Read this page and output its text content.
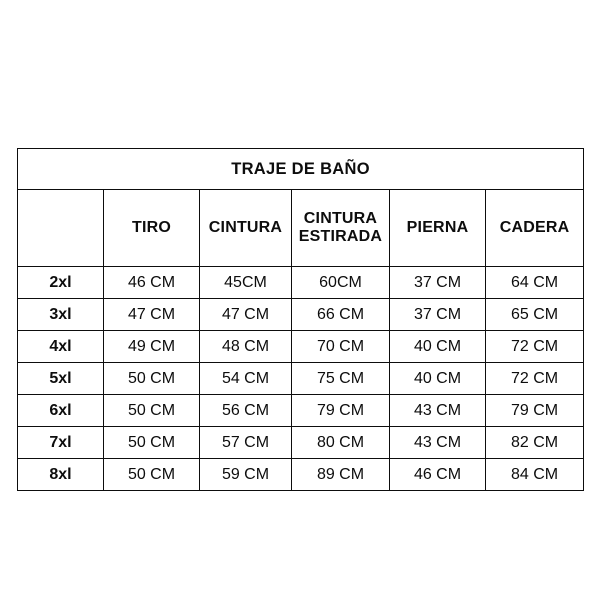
TRAJE DE BAÑO					
	TIRO	CINTURA	CINTURA ESTIRADA	PIERNA	CADERA
2xl	46 CM	45CM	60CM	37 CM	64 CM
3xl	47 CM	47 CM	66 CM	37 CM	65 CM
4xl	49 CM	48 CM	70 CM	40 CM	72 CM
5xl	50 CM	54 CM	75 CM	40 CM	72 CM
6xl	50 CM	56 CM	79 CM	43 CM	79 CM
7xl	50 CM	57 CM	80 CM	43 CM	82 CM
8xl	50 CM	59 CM	89 CM	46 CM	84 CM
